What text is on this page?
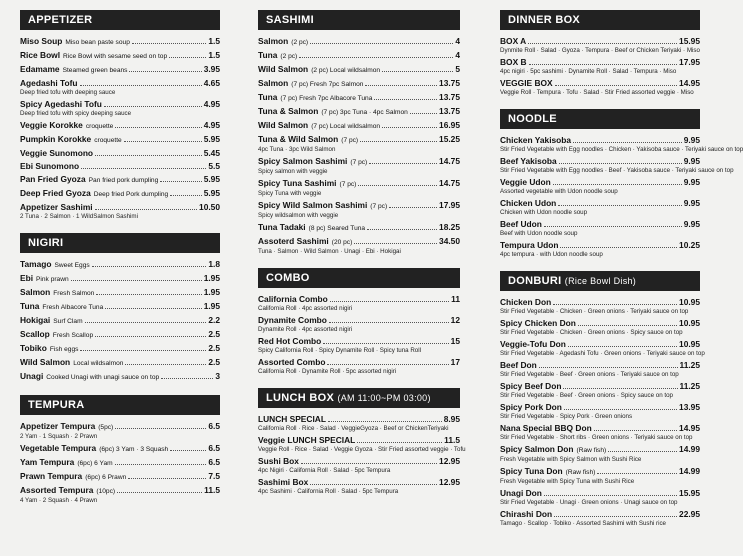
APPETIZER
Miso Soup Miso bean paste soup	1.5
Rice Bowl Rice Bowl with sesame seed on top	1.5
Edamame Steamed green beans	3.95
Agedashi Tofu	4.65
Deep fried tofu with deeping sauce
Spicy Agedashi Tofu	4.95
Deep fried tofu with spicy deeping sauce
Veggie Korokke croquette	4.95
Pumpkin Korokke croquette	5.95
Veggie Sunomono	5.45
Ebi Sunomono	5.5
Pan Fried Gyoza Pan fried pork dumpling	5.95
Deep Fried Gyoza Deep fried Pork dumpling	5.95
Appetizer Sashimi	10.50
2 Tuna · 2 Salmon · 1 WildSalmon Sashimi
NIGIRI
Tamago Sweet Eggs	1.8
Ebi Pink prawn	1.95
Salmon Fresh Salmon	1.95
Tuna Fresh Albacore Tuna	1.95
Hokigai Surf Clam	2.2
Scallop Fresh Scallop	2.5
Tobiko Fish eggs	2.5
Wild Salmon Local wildsalmon	2.5
Unagi Cooked Unagi with unagi sauce on top	3
TEMPURA
Appetizer Tempura (5pc)	6.5
2 Yam · 1 Squash · 2 Prawn
Vegetable Tempura (6pc) 3 Yam · 3 Squash	6.5
Yam Tempura (6pc) 6 Yam	6.5
Prawn Tempura (6pc) 6 Prawn	7.5
Assorted Tempura (10pc)	11.5
4 Yam · 2 Squash · 4 Prawn
SASHIMI
Salmon (2 pc)	4
Tuna (2 pc)	4
Wild Salmon (2 pc) Local wildsalmon	5
Salmon (7 pc) Fresh 7pc Salmon	13.75
Tuna (7 pc) Fresh 7pc Albacore Tuna	13.75
Tuna & Salmon (7 pc) 3pc Tuna · 4pc Salmon	13.75
Wild Salmon (7 pc) Local wildsalmon	16.95
Tuna & Wild Salmon (7 pc)	15.25
4pc Tuna · 3pc Wild Salmon
Spicy Salmon Sashimi (7 pc)	14.75
Spicy salmon with veggie
Spicy Tuna Sashimi (7 pc)	14.75
Spicy Tuna with veggie
Spicy Wild Salmon Sashimi (7 pc)	17.95
Spicy wildsalmon with veggie
Tuna Tadaki (8 pc) Seared Tuna	18.25
Assoterd Sashimi (20 pc)	34.50
Tuna · Salmon · Wild Salmon · Unagi · Ebi · Hokigai
COMBO
California Combo	11
California Roll · 4pc assorted nigiri
Dynamite Combo	12
Dynamite Roll · 4pc assorted nigiri
Red Hot Combo	15
Spicy California Roll · Spicy Dynamite Roll · Spicy tuna Roll
Assorted Combo	17
California Roll · Dynamite Roll · 5pc assorted nigiri
LUNCH BOX (AM 11:00~PM 03:00)
LUNCH SPECIAL	8.95
California Roll · Rice · Salad · VeggieGyoza · Beef or ChickenTeriyaki
Veggie LUNCH SPECIAL	11.5
Veggie Roll · Rice · Salad · Veggie Gyoza · Stir Fried assorted veggie · Tofu
Sushi Box	12.95
4pc Nigiri · California Roll · Salad · 5pc Tempura
Sashimi Box	12.95
4pc Sashimi · California Roll · Salad · 5pc Tempura
DINNER BOX
BOX A	15.95
Dynmite Roll · Salad · Gyoza · Tempura · Beef or Chicken Teriyaki · Miso
BOX B	17.95
4pc nigiri · 5pc sashimi · Dynamite Roll · Salad · Tempura · Miso
VEGGIE BOX	14.95
Veggie Roll · Tempura · Tofu · Salad · Stir Fried assorted veggie · Miso
NOODLE
Chicken Yakisoba	9.95
Stir Fried Vegetable with Egg noodles · Chicken · Yakisoba sauce · Teriyaki sauce on top
Beef Yakisoba	9.95
Stir Fried Vegetable with Egg noodles · Beef · Yakisoba sauce · Teriyaki sauce on top
Veggie Udon	9.95
Assorted vegetable with Udon noodle soup
Chicken Udon	9.95
Chicken with Udon noodle soup
Beef Udon	9.95
Beef with Udon noodle soup
Tempura Udon	10.25
4pc tempura · with Udon noodle soup
DONBURI (Rice Bowl Dish)
Chicken Don	10.95
Stir Fried Vegetable · Chicken · Green onions · Teriyaki sauce on top
Spicy Chicken Don	10.95
Stir Fried Vegetable · Chicken · Green onions · Spicy sauce on top
Veggie-Tofu Don	10.95
Stir Fried Vegetable · Agedashi Tofu · Green onions · Teriyaki sauce on top
Beef Don	11.25
Stir Fried Vegetable · Beef · Green onions · Teriyaki sauce on top
Spicy Beef Don	11.25
Stir Fried Vegetable · Beef · Green onions · Spicy sauce on top
Spicy Pork Don	13.95
Stir Fried Vegetable · Spicy Pork · Green onions
Nana Special BBQ Don	14.95
Stir Fried Vegetable · Short ribs · Green onions · Teriyaki sauce on top
Spicy Salmon Don (Raw fish)	14.99
Fresh Vegetable with Spicy Salmon with Sushi Rice
Spicy Tuna Don (Raw fish)	14.99
Fresh Vegetable with Spicy Tuna with Sushi Rice
Unagi Don	15.95
Stir Fried Vegetable · Unagi · Green onions · Unagi sauce on top
Chirashi Don	22.95
Tamago · Scallop · Tobiko · Assorted Sashimi with Sushi rice
